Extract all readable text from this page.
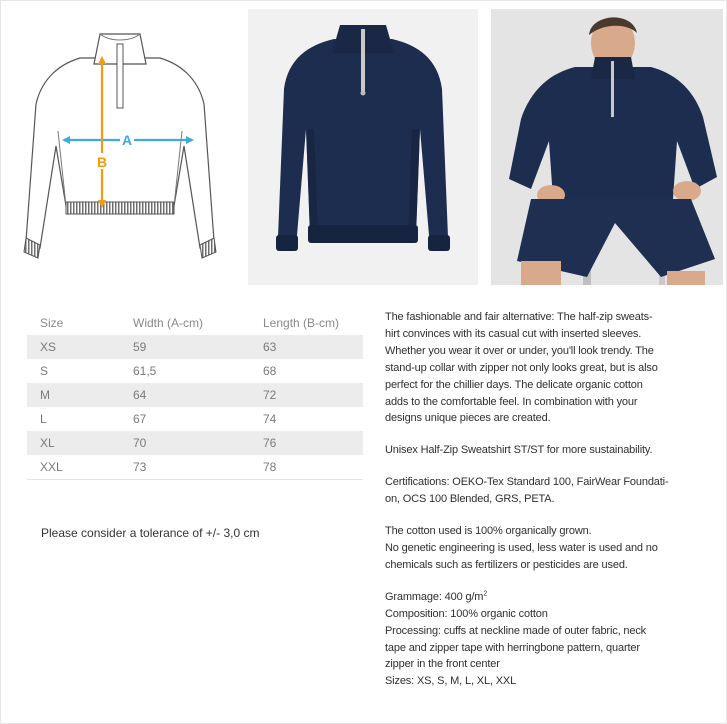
A
B
Size	Width (A-cm)	Length (B-cm)
XS	59	63
S	61,5	68
M	64	72
L	67	74
XL	70	76
XXL	73	78
Please consider a tolerance of +/- 3,0 cm

The fashionable and fair alternative: The half-zip sweats-
hirt convinces with its casual cut with inserted sleeves.
Whether you wear it over or under, you'll look trendy. The
stand-up collar with zipper not only looks great, but is also
perfect for the chillier days. The delicate organic cotton
adds to the comfortable feel. In combination with your
designs unique pieces are created.

Unisex Half-Zip Sweatshirt ST/ST for more sustainability.

Certifications: OEKO-Tex Standard 100, FairWear Foundati-
on, OCS 100 Blended, GRS, PETA.

The cotton used is 100% organically grown.
No genetic engineering is used, less water is used and no
chemicals such as fertilizers or pesticides are used.

Grammage: 400 $g/m^2$
Composition: 100% organic cotton
Processing: cuffs at neckline made of outer fabric, neck
tape and zipper tape with herringbone pattern, quarter
zipper in the front center
Sizes: XS, S, M, L, XL, XXL
